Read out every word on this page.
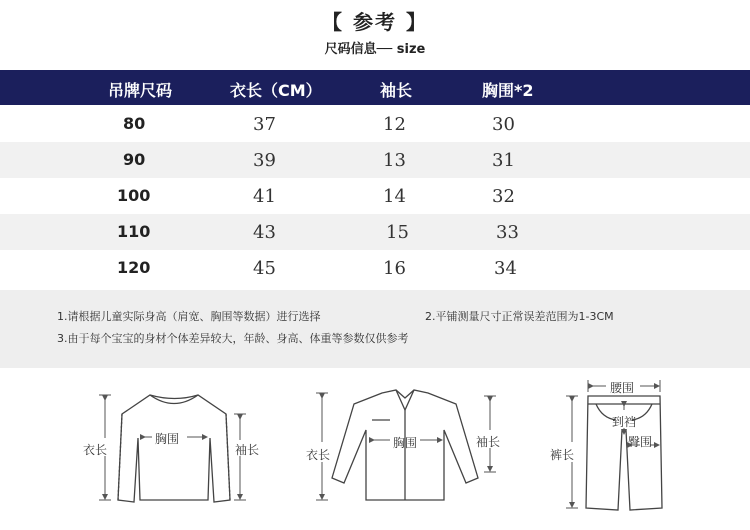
【 参考 】
尺码信息── size
吊牌尺码	衣长（CM）	袖长	胸围*2
80	37	12	30
90	39	13	31
100	41	14	32
110	43	15	33
120	45	16	34
1.请根据儿童实际身高（肩宽、胸围等数据）进行选择	2.平铺测量尺寸正常误差范围为1-3CM
3.由于每个宝宝的身材个体差异较大，年龄、身高、体重等参数仅供参考
衣长
胸围
袖长	衣长
胸围	袖长
腰围
到裆
臀围
裤长
